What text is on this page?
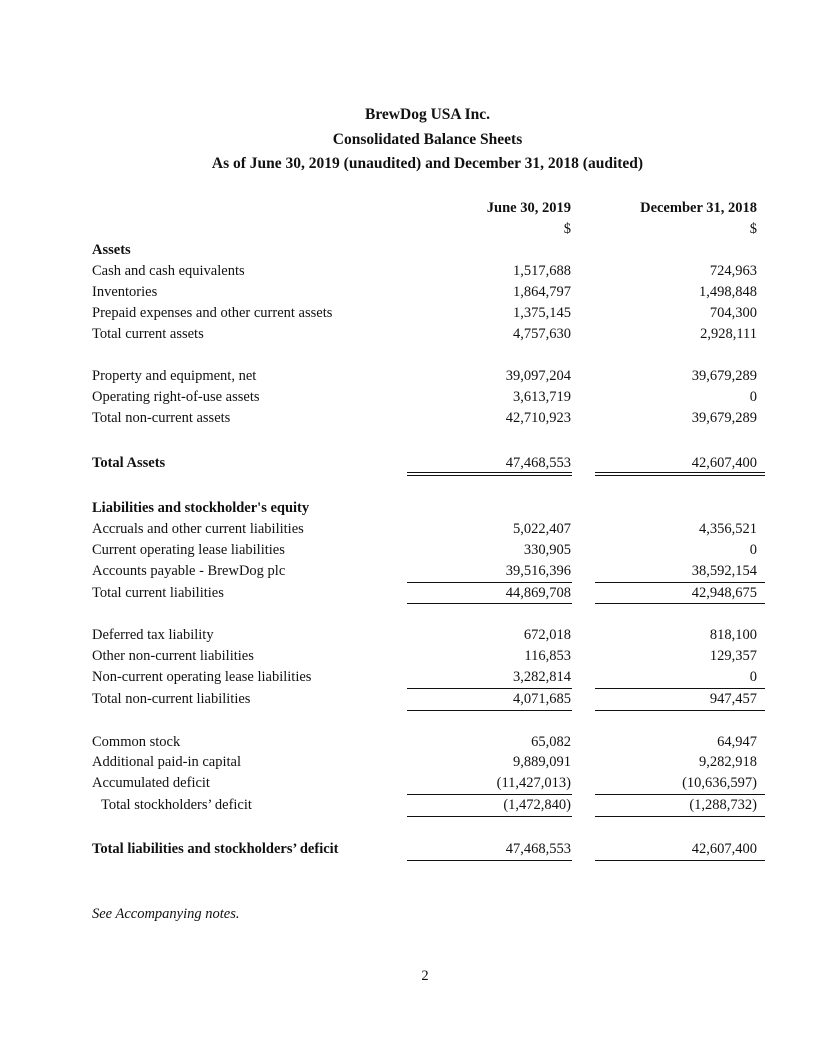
BrewDog USA Inc.
Consolidated Balance Sheets
As of June 30, 2019 (unaudited) and December 31, 2018 (audited)
June 30, 2019	December 31, 2018
$	$
Assets
Cash and cash equivalents	1,517,688	724,963
Inventories	1,864,797	1,498,848
Prepaid expenses and other current assets	1,375,145	704,300
Total current assets	4,757,630	2,928,111
Property and equipment, net	39,097,204	39,679,289
Operating right-of-use assets	3,613,719	0
Total non-current assets	42,710,923	39,679,289
Total Assets	47,468,553	42,607,400
Liabilities and stockholder's equity
Accruals and other current liabilities	5,022,407	4,356,521
Current operating lease liabilities	330,905	0
Accounts payable - BrewDog plc	39,516,396	38,592,154
Total current liabilities	44,869,708	42,948,675
Deferred tax liability	672,018	818,100
Other non-current liabilities	116,853	129,357
Non-current operating lease liabilities	3,282,814	0
Total non-current liabilities	4,071,685	947,457
Common stock	65,082	64,947
Additional paid-in capital	9,889,091	9,282,918
Accumulated deficit	(11,427,013)	(10,636,597)
Total stockholders’ deficit	(1,472,840)	(1,288,732)
Total liabilities and stockholders’ deficit	47,468,553	42,607,400
See Accompanying notes.
2
